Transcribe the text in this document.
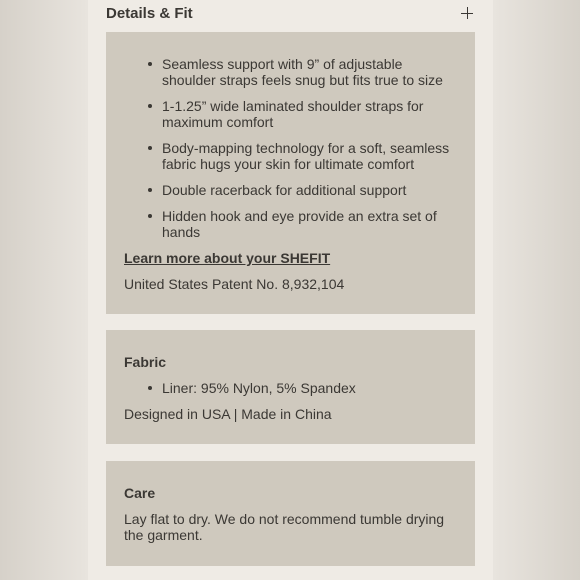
Details & Fit
Seamless support with 9” of adjustable shoulder straps feels snug but fits true to size
1-1.25” wide laminated shoulder straps for maximum comfort
Body-mapping technology for a soft, seamless fabric hugs your skin for ultimate comfort
Double racerback for additional support
Hidden hook and eye provide an extra set of hands
Learn more about your SHEFIT

United States Patent No. 8,932,104

Fabric

Liner: 95% Nylon, 5% Spandex

Designed in USA | Made in China

Care

Lay flat to dry. We do not recommend tumble drying the garment.
